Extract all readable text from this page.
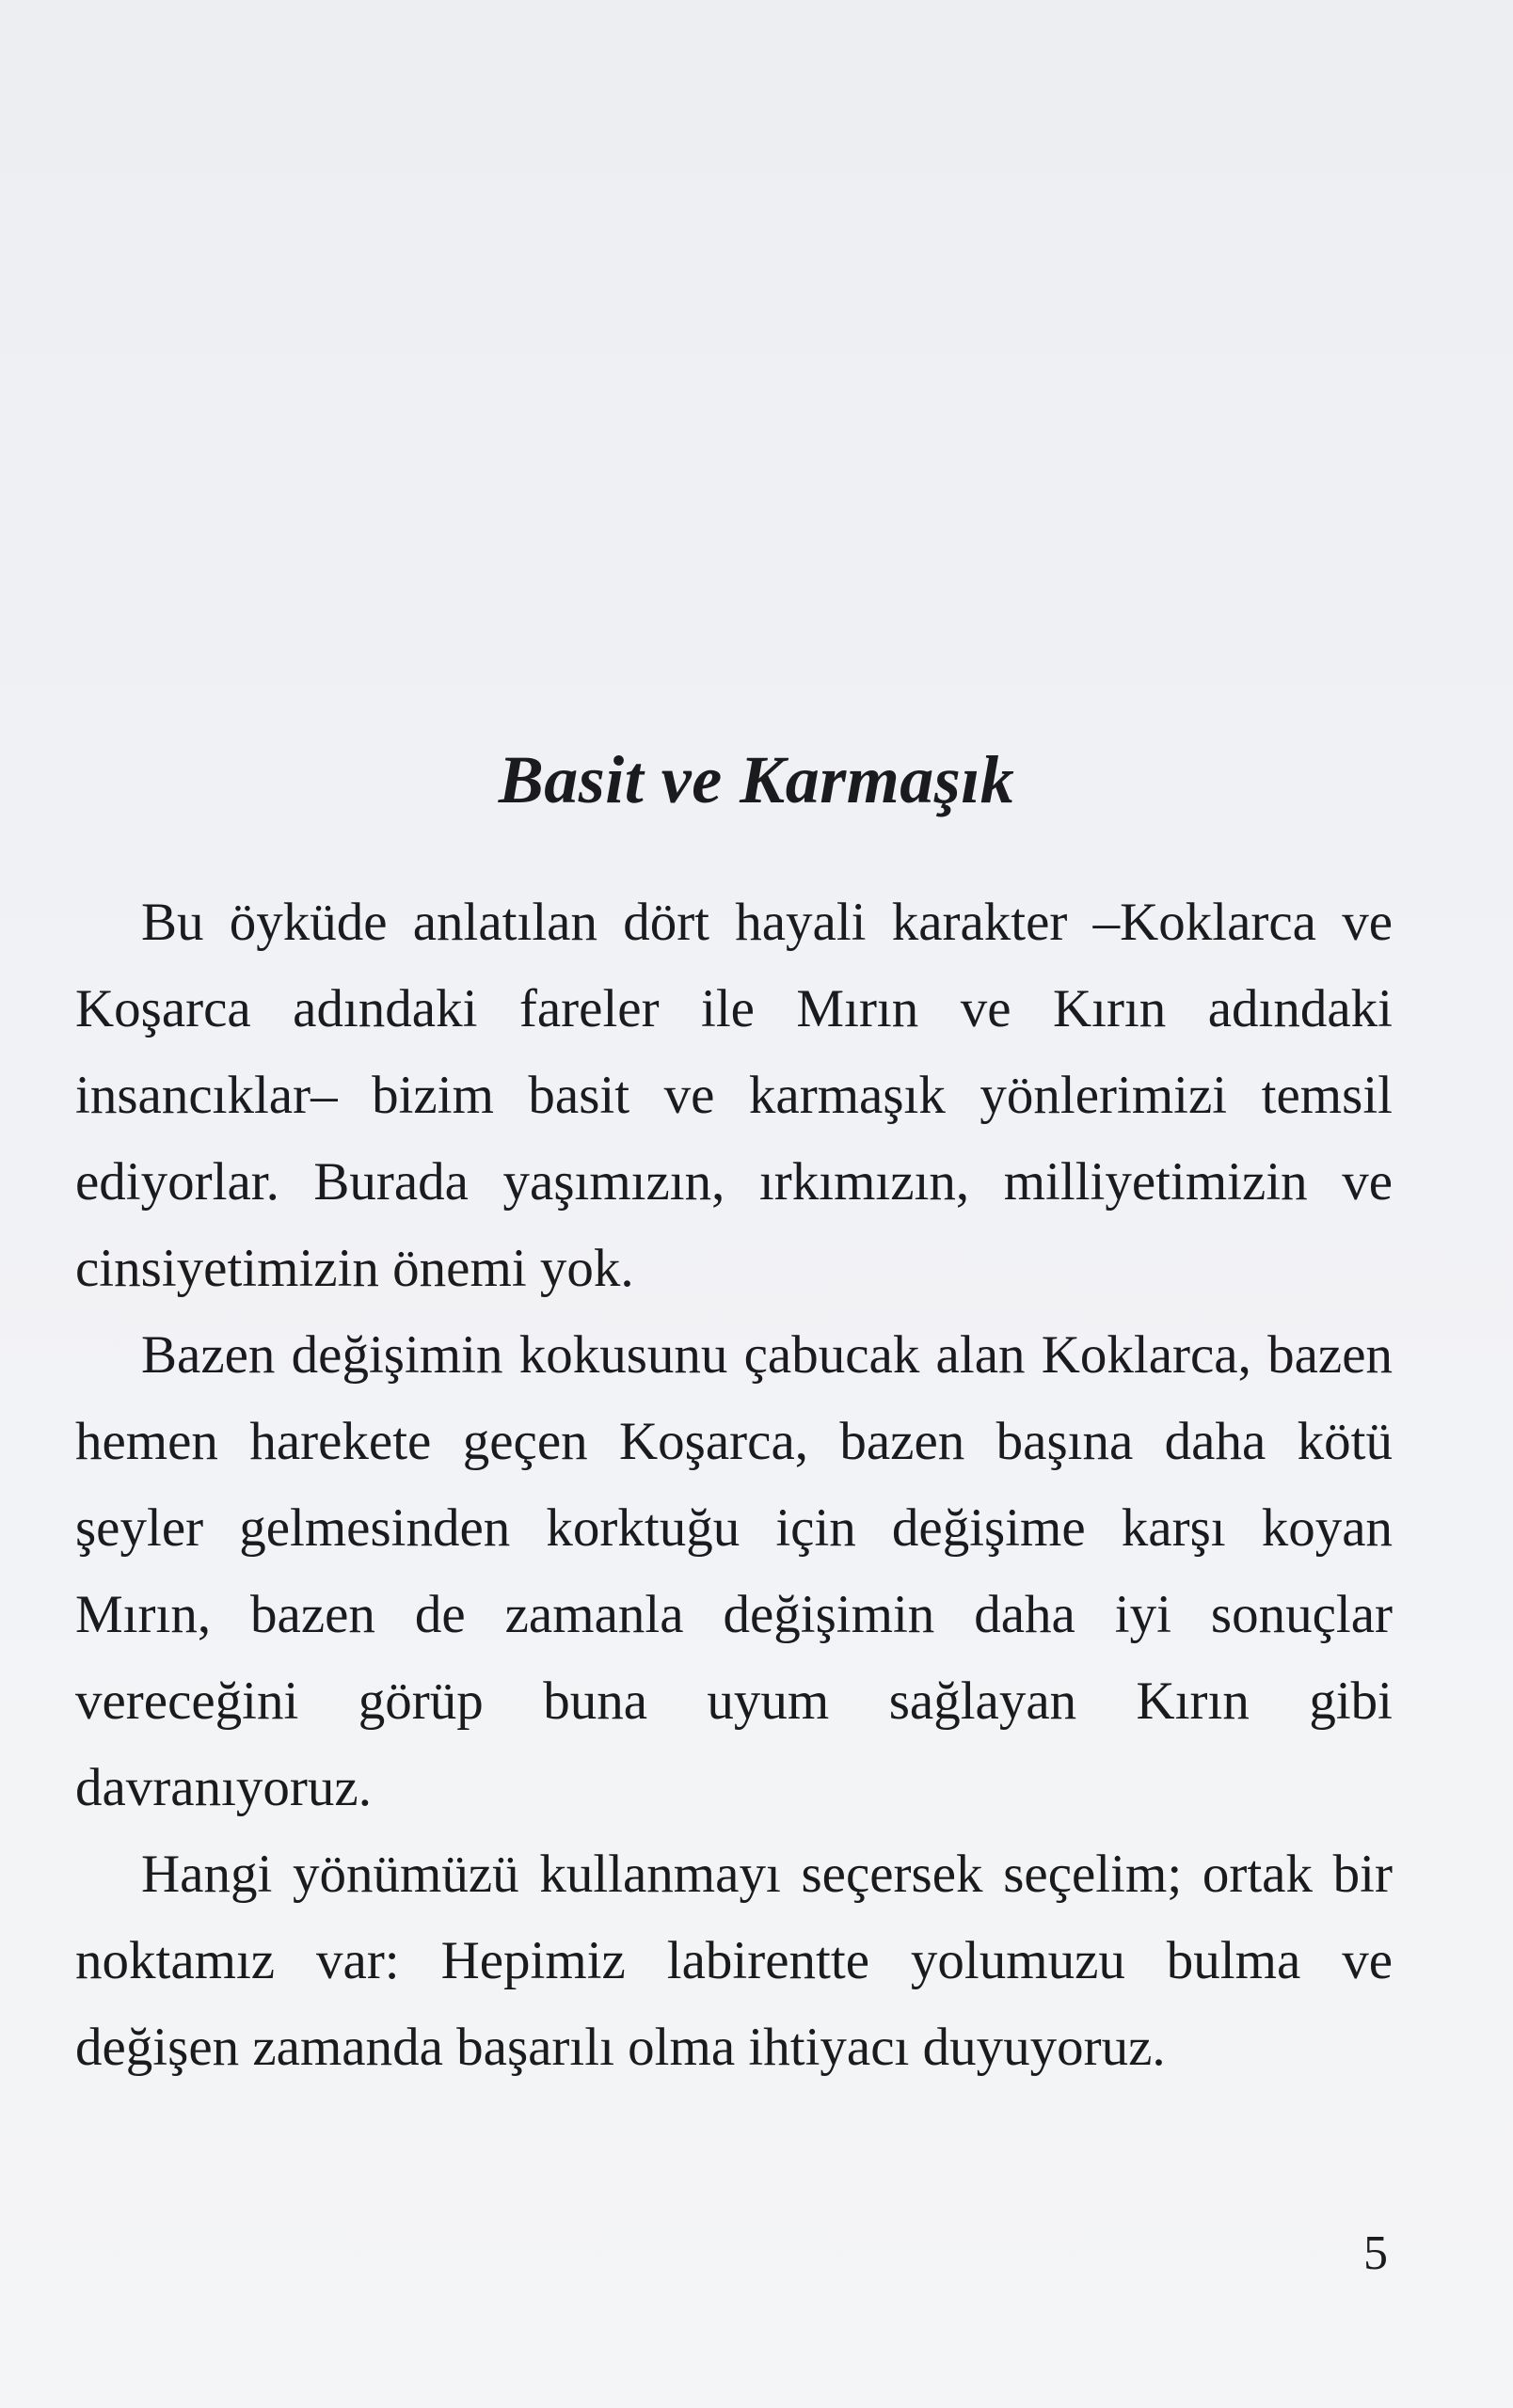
Basit ve Karmaşık

Bu öyküde anlatılan dört hayali karakter –Koklarca ve Koşarca adındaki fareler ile Mırın ve Kırın adındaki insancıklar– bizim basit ve karmaşık yönlerimizi temsil ediyorlar. Burada yaşımızın, ırkımızın, milliyetimizin ve cinsiyetimizin önemi yok.

Bazen değişimin kokusunu çabucak alan Koklarca, bazen hemen harekete geçen Koşarca, bazen başına daha kötü şeyler gelmesinden korktuğu için değişime karşı koyan Mırın, bazen de zamanla değişimin daha iyi sonuçlar vereceğini görüp buna uyum sağlayan Kırın gibi davranıyoruz.

Hangi yönümüzü kullanmayı seçersek seçelim; ortak bir noktamız var: Hepimiz labirentte yolumuzu bulma ve değişen zamanda başarılı olma ihtiyacı duyuyoruz.

5
